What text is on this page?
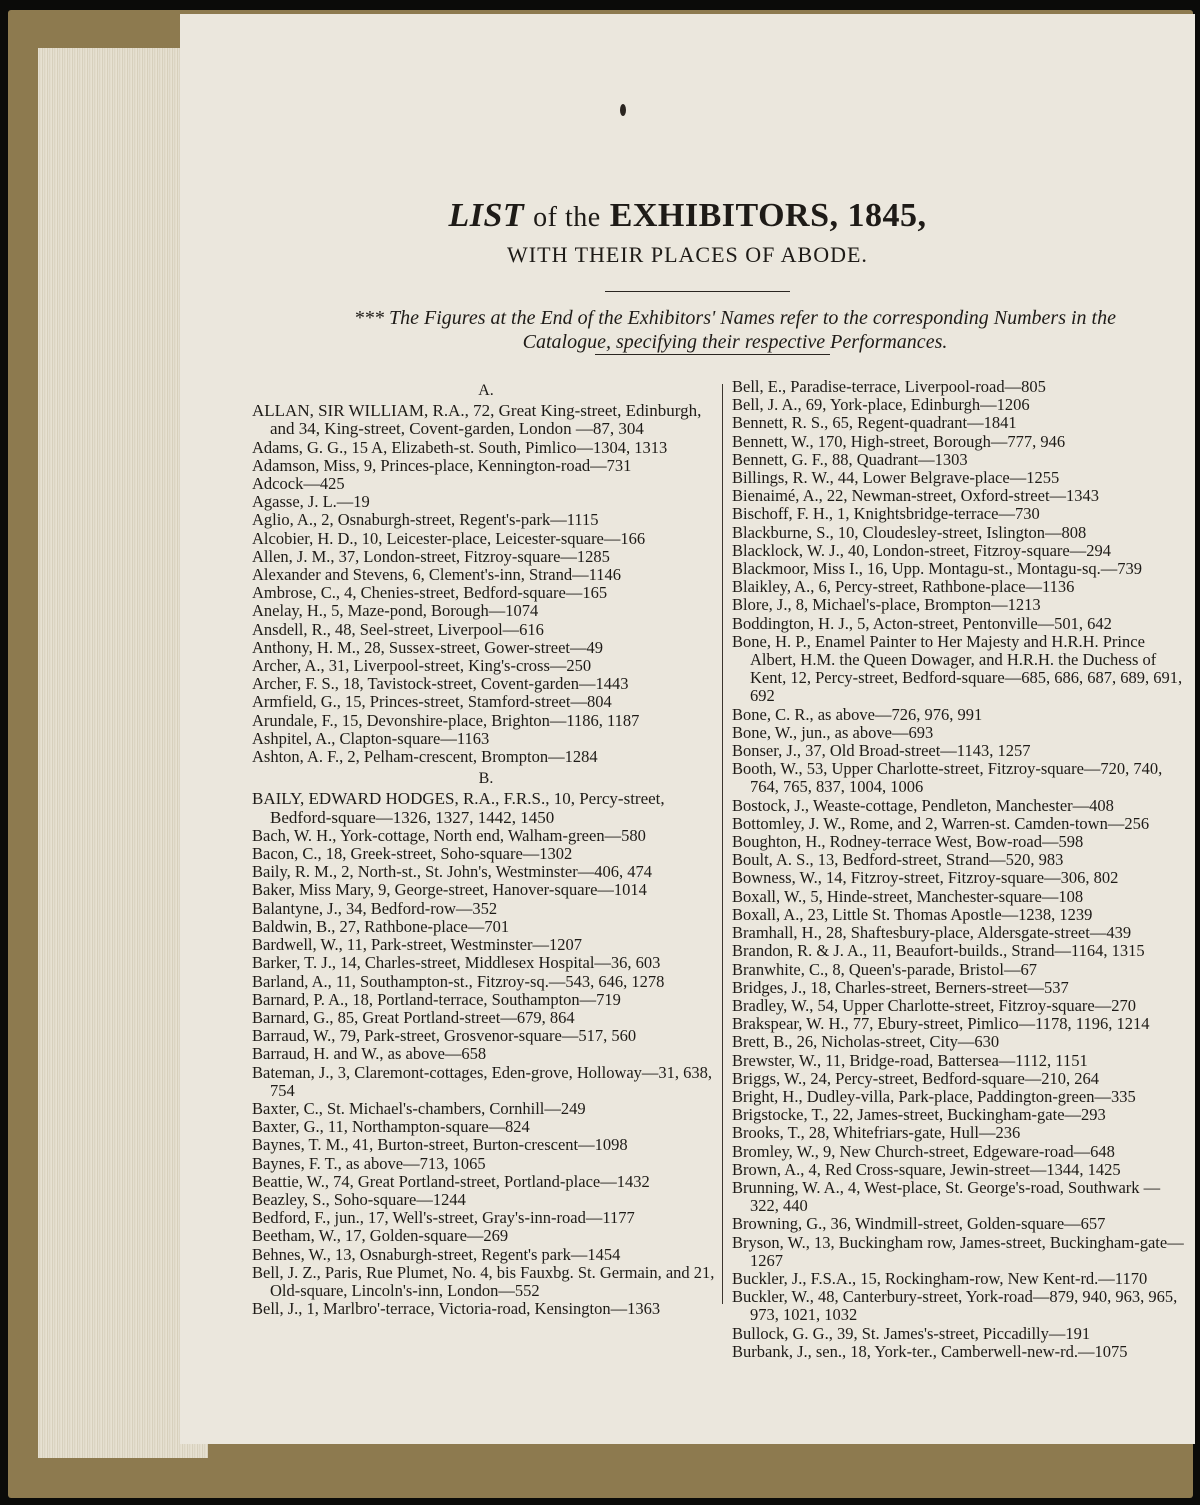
LIST of the EXHIBITORS, 1845,
WITH THEIR PLACES OF ABODE.
*** The Figures at the End of the Exhibitors' Names refer to the corresponding Numbers in the
Catalogue, specifying their respective Performances.
A.
ALLAN, SIR WILLIAM, R.A., 72, Great King-street, Edinburgh, and 34, King-street, Covent-garden, London —87, 304
Adams, G. G., 15 A, Elizabeth-st. South, Pimlico—1304, 1313
Adamson, Miss, 9, Princes-place, Kennington-road—731
Adcock—425
Agasse, J. L.—19
Aglio, A., 2, Osnaburgh-street, Regent's-park—1115
Alcobier, H. D., 10, Leicester-place, Leicester-square—166
Allen, J. M., 37, London-street, Fitzroy-square—1285
Alexander and Stevens, 6, Clement's-inn, Strand—1146
Ambrose, C., 4, Chenies-street, Bedford-square—165
Anelay, H., 5, Maze-pond, Borough—1074
Ansdell, R., 48, Seel-street, Liverpool—616
Anthony, H. M., 28, Sussex-street, Gower-street—49
Archer, A., 31, Liverpool-street, King's-cross—250
Archer, F. S., 18, Tavistock-street, Covent-garden—1443
Armfield, G., 15, Princes-street, Stamford-street—804
Arundale, F., 15, Devonshire-place, Brighton—1186, 1187
Ashpitel, A., Clapton-square—1163
Ashton, A. F., 2, Pelham-crescent, Brompton—1284
B.
BAILY, EDWARD HODGES, R.A., F.R.S., 10, Percy-street, Bedford-square—1326, 1327, 1442, 1450
Bach, W. H., York-cottage, North end, Walham-green—580
Bacon, C., 18, Greek-street, Soho-square—1302
Baily, R. M., 2, North-st., St. John's, Westminster—406, 474
Baker, Miss Mary, 9, George-street, Hanover-square—1014
Balantyne, J., 34, Bedford-row—352
Baldwin, B., 27, Rathbone-place—701
Bardwell, W., 11, Park-street, Westminster—1207
Barker, T. J., 14, Charles-street, Middlesex Hospital—36, 603
Barland, A., 11, Southampton-st., Fitzroy-sq.—543, 646, 1278
Barnard, P. A., 18, Portland-terrace, Southampton—719
Barnard, G., 85, Great Portland-street—679, 864
Barraud, W., 79, Park-street, Grosvenor-square—517, 560
Barraud, H. and W., as above—658
Bateman, J., 3, Claremont-cottages, Eden-grove, Holloway—31, 638, 754
Baxter, C., St. Michael's-chambers, Cornhill—249
Baxter, G., 11, Northampton-square—824
Baynes, T. M., 41, Burton-street, Burton-crescent—1098
Baynes, F. T., as above—713, 1065
Beattie, W., 74, Great Portland-street, Portland-place—1432
Beazley, S., Soho-square—1244
Bedford, F., jun., 17, Well's-street, Gray's-inn-road—1177
Beetham, W., 17, Golden-square—269
Behnes, W., 13, Osnaburgh-street, Regent's park—1454
Bell, J. Z., Paris, Rue Plumet, No. 4, bis Fauxbg. St. Germain, and 21, Old-square, Lincoln's-inn, London—552
Bell, J., 1, Marlbro'-terrace, Victoria-road, Kensington—1363
Bell, E., Paradise-terrace, Liverpool-road—805
Bell, J. A., 69, York-place, Edinburgh—1206
Bennett, R. S., 65, Regent-quadrant—1841
Bennett, W., 170, High-street, Borough—777, 946
Bennett, G. F., 88, Quadrant—1303
Billings, R. W., 44, Lower Belgrave-place—1255
Bienaimé, A., 22, Newman-street, Oxford-street—1343
Bischoff, F. H., 1, Knightsbridge-terrace—730
Blackburne, S., 10, Cloudesley-street, Islington—808
Blacklock, W. J., 40, London-street, Fitzroy-square—294
Blackmoor, Miss I., 16, Upp. Montagu-st., Montagu-sq.—739
Blaikley, A., 6, Percy-street, Rathbone-place—1136
Blore, J., 8, Michael's-place, Brompton—1213
Boddington, H. J., 5, Acton-street, Pentonville—501, 642
Bone, H. P., Enamel Painter to Her Majesty and H.R.H. Prince Albert, H.M. the Queen Dowager, and H.R.H. the Duchess of Kent, 12, Percy-street, Bedford-square—685, 686, 687, 689, 691, 692
Bone, C. R., as above—726, 976, 991
Bone, W., jun., as above—693
Bonser, J., 37, Old Broad-street—1143, 1257
Booth, W., 53, Upper Charlotte-street, Fitzroy-square—720, 740, 764, 765, 837, 1004, 1006
Bostock, J., Weaste-cottage, Pendleton, Manchester—408
Bottomley, J. W., Rome, and 2, Warren-st. Camden-town—256
Boughton, H., Rodney-terrace West, Bow-road—598
Boult, A. S., 13, Bedford-street, Strand—520, 983
Bowness, W., 14, Fitzroy-street, Fitzroy-square—306, 802
Boxall, W., 5, Hinde-street, Manchester-square—108
Boxall, A., 23, Little St. Thomas Apostle—1238, 1239
Bramhall, H., 28, Shaftesbury-place, Aldersgate-street—439
Brandon, R. & J. A., 11, Beaufort-builds., Strand—1164, 1315
Branwhite, C., 8, Queen's-parade, Bristol—67
Bridges, J., 18, Charles-street, Berners-street—537
Bradley, W., 54, Upper Charlotte-street, Fitzroy-square—270
Brakspear, W. H., 77, Ebury-street, Pimlico—1178, 1196, 1214
Brett, B., 26, Nicholas-street, City—630
Brewster, W., 11, Bridge-road, Battersea—1112, 1151
Briggs, W., 24, Percy-street, Bedford-square—210, 264
Bright, H., Dudley-villa, Park-place, Paddington-green—335
Brigstocke, T., 22, James-street, Buckingham-gate—293
Brooks, T., 28, Whitefriars-gate, Hull—236
Bromley, W., 9, New Church-street, Edgeware-road—648
Brown, A., 4, Red Cross-square, Jewin-street—1344, 1425
Brunning, W. A., 4, West-place, St. George's-road, Southwark —322, 440
Browning, G., 36, Windmill-street, Golden-square—657
Bryson, W., 13, Buckingham row, James-street, Buckingham-gate—1267
Buckler, J., F.S.A., 15, Rockingham-row, New Kent-rd.—1170
Buckler, W., 48, Canterbury-street, York-road—879, 940, 963, 965, 973, 1021, 1032
Bullock, G. G., 39, St. James's-street, Piccadilly—191
Burbank, J., sen., 18, York-ter., Camberwell-new-rd.—1075
